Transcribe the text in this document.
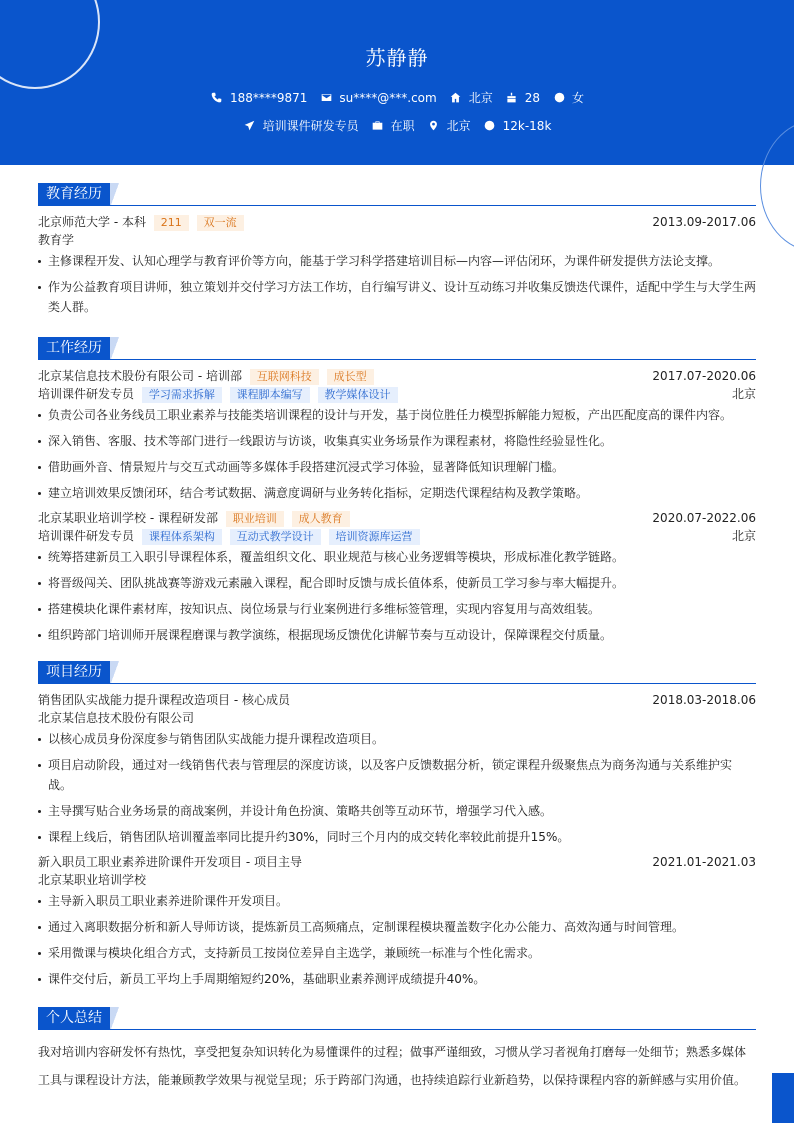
苏静静
188****9871	su****@***.com	北京	28	女
培训课件研发专员	在职	北京	12k-18k
教育经历
北京师范大学 - 本科 211 双一流	2013.09-2017.06
教育学
主修课程开发、认知心理学与教育评价等方向，能基于学习科学搭建培训目标—内容—评估闭环，为课件研发提供方法论支撑。
作为公益教育项目讲师，独立策划并交付学习方法工作坊，自行编写讲义、设计互动练习并收集反馈迭代课件，适配中学生与大学生两类人群。
工作经历
北京某信息技术股份有限公司 - 培训部 互联网科技 成长型	2017.07-2020.06
培训课件研发专员 学习需求拆解 课程脚本编写 教学媒体设计	北京
负责公司各业务线员工职业素养与技能类培训课程的设计与开发，基于岗位胜任力模型拆解能力短板，产出匹配度高的课件内容。
深入销售、客服、技术等部门进行一线跟访与访谈，收集真实业务场景作为课程素材，将隐性经验显性化。
借助画外音、情景短片与交互式动画等多媒体手段搭建沉浸式学习体验，显著降低知识理解门槛。
建立培训效果反馈闭环，结合考试数据、满意度调研与业务转化指标，定期迭代课程结构及教学策略。
北京某职业培训学校 - 课程研发部 职业培训 成人教育	2020.07-2022.06
培训课件研发专员 课程体系架构 互动式教学设计 培训资源库运营	北京
统筹搭建新员工入职引导课程体系，覆盖组织文化、职业规范与核心业务逻辑等模块，形成标准化教学链路。
将晋级闯关、团队挑战赛等游戏元素融入课程，配合即时反馈与成长值体系，使新员工学习参与率大幅提升。
搭建模块化课件素材库，按知识点、岗位场景与行业案例进行多维标签管理，实现内容复用与高效组装。
组织跨部门培训师开展课程磨课与教学演练，根据现场反馈优化讲解节奏与互动设计，保障课程交付质量。
项目经历
销售团队实战能力提升课程改造项目 - 核心成员	2018.03-2018.06
北京某信息技术股份有限公司
以核心成员身份深度参与销售团队实战能力提升课程改造项目。
项目启动阶段，通过对一线销售代表与管理层的深度访谈，以及客户反馈数据分析，锁定课程升级聚焦点为商务沟通与关系维护实战。
主导撰写贴合业务场景的商战案例，并设计角色扮演、策略共创等互动环节，增强学习代入感。
课程上线后，销售团队培训覆盖率同比提升约30%，同时三个月内的成交转化率较此前提升15%。
新入职员工职业素养进阶课件开发项目 - 项目主导	2021.01-2021.03
北京某职业培训学校
主导新入职员工职业素养进阶课件开发项目。
通过入离职数据分析和新人导师访谈，提炼新员工高频痛点，定制课程模块覆盖数字化办公能力、高效沟通与时间管理。
采用微课与模块化组合方式，支持新员工按岗位差异自主选学，兼顾统一标准与个性化需求。
课件交付后，新员工平均上手周期缩短约20%，基础职业素养测评成绩提升40%。
个人总结
我对培训内容研发怀有热忱，享受把复杂知识转化为易懂课件的过程；做事严谨细致，习惯从学习者视角打磨每一处细节；熟悉多媒体工具与课程设计方法，能兼顾教学效果与视觉呈现；乐于跨部门沟通，也持续追踪行业新趋势，以保持课程内容的新鲜感与实用价值。
